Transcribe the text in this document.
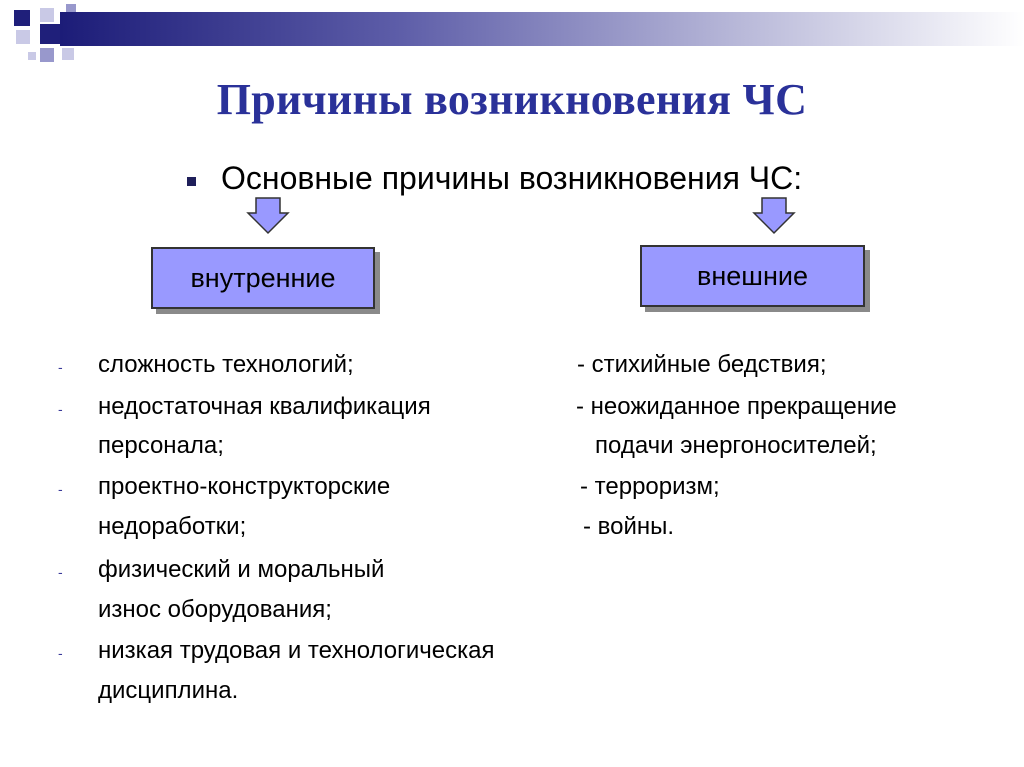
Причины возникновения ЧС
Основные причины возникновения ЧС:
внутренние	внешние
- сложность технологий;
- недостаточная квалификация
персонала;
- проектно-конструкторские
недоработки;
- физический и моральный
износ оборудования;
- низкая трудовая и технологическая
дисциплина.
- стихийные бедствия;
- неожиданное прекращение
подачи энергоносителей;
- терроризм;
- войны.
